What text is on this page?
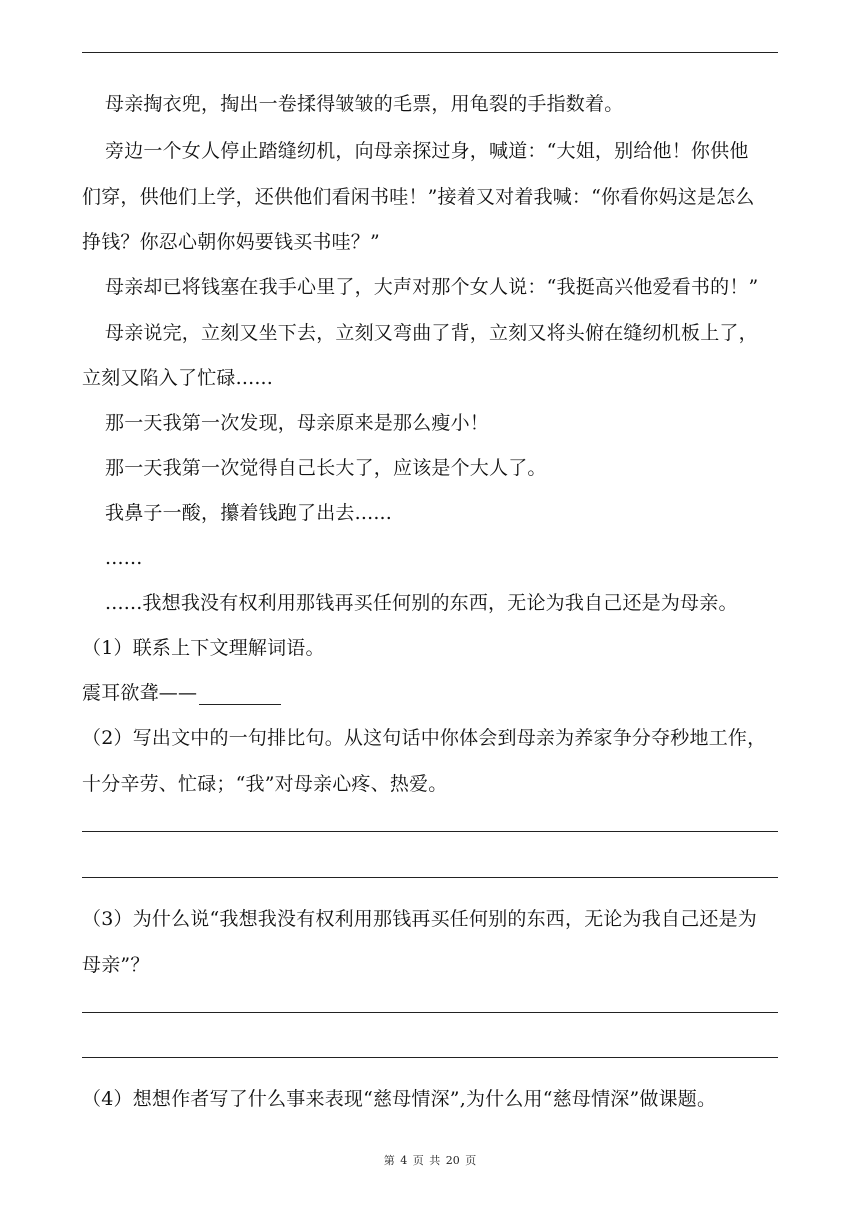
母亲掏衣兜，掏出一卷揉得皱皱的毛票，用龟裂的手指数着。
旁边一个女人停止踏缝纫机，向母亲探过身，喊道：“大姐，别给他！你供他
们穿，供他们上学，还供他们看闲书哇！”接着又对着我喊：“你看你妈这是怎么
挣钱？你忍心朝你妈要钱买书哇？”
母亲却已将钱塞在我手心里了，大声对那个女人说：“我挺高兴他爱看书的！”
母亲说完，立刻又坐下去，立刻又弯曲了背，立刻又将头俯在缝纫机板上了，
立刻又陷入了忙碌......
那一天我第一次发现，母亲原来是那么瘦小！
那一天我第一次觉得自己长大了，应该是个大人了。
我鼻子一酸，攥着钱跑了出去......
......
......我想我没有权利用那钱再买任何别的东西，无论为我自己还是为母亲。
（1）联系上下文理解词语。
震耳欲聋——
（2）写出文中的一句排比句。从这句话中你体会到母亲为养家争分夺秒地工作，
十分辛劳、忙碌；“我”对母亲心疼、热爱。
（3）为什么说“我想我没有权利用那钱再买任何别的东西，无论为我自己还是为
母亲”？
（4）想想作者写了什么事来表现“慈母情深”,为什么用“慈母情深”做课题。
第 4 页 共 20 页
